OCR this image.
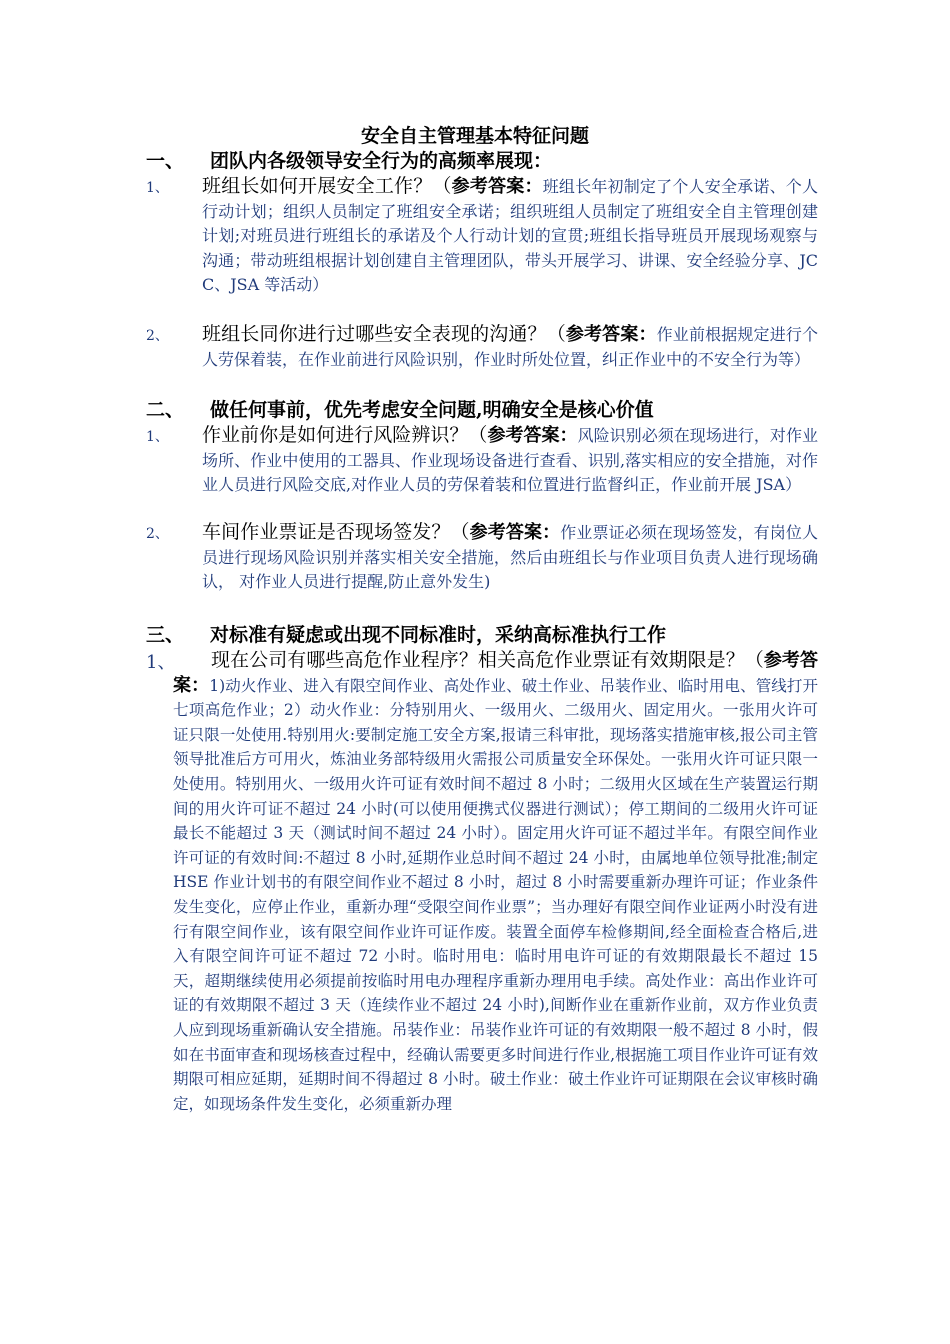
安全自主管理基本特征问题
一、 团队内各级领导安全行为的高频率展现：
1、 班组长如何开展安全工作？（参考答案：班组长年初制定了个人安全承诺、个人行动计划；组织人员制定了班组安全承诺；组织班组人员制定了班组安全自主管理创建计划;对班员进行班组长的承诺及个人行动计划的宣贯;班组长指导班员开展现场观察与沟通；带动班组根据计划创建自主管理团队，带头开展学习、讲课、安全经验分享、JCC、JSA 等活动）
2、 班组长同你进行过哪些安全表现的沟通？（参考答案：作业前根据规定进行个人劳保着装，在作业前进行风险识别，作业时所处位置，纠正作业中的不安全行为等）
二、 做任何事前，优先考虑安全问题,明确安全是核心价值
1、 作业前你是如何进行风险辨识？（参考答案：风险识别必须在现场进行，对作业场所、作业中使用的工器具、作业现场设备进行查看、识别,落实相应的安全措施，对作业人员进行风险交底,对作业人员的劳保着装和位置进行监督纠正，作业前开展 JSA）
2、 车间作业票证是否现场签发？（参考答案：作业票证必须在现场签发，有岗位人员进行现场风险识别并落实相关安全措施，然后由班组长与作业项目负责人进行现场确认， 对作业人员进行提醒,防止意外发生)
三、 对标准有疑虑或出现不同标准时，采纳高标准执行工作
1、	现在公司有哪些高危作业程序？相关高危作业票证有效期限是？（参考答案：1)动火作业、进入有限空间作业、高处作业、破土作业、吊装作业、临时用电、管线打开七项高危作业；2）动火作业：分特别用火、一级用火、二级用火、固定用火。一张用火许可证只限一处使用.特别用火:要制定施工安全方案,报请三科审批，现场落实措施审核,报公司主管领导批准后方可用火，炼油业务部特级用火需报公司质量安全环保处。一张用火许可证只限一处使用。特别用火、一级用火许可证有效时间不超过 8 小时；二级用火区域在生产装置运行期间的用火许可证不超过 24 小时(可以使用便携式仪器进行测试）；停工期间的二级用火许可证最长不能超过 3 天（测试时间不超过 24 小时）。固定用火许可证不超过半年。有限空间作业许可证的有效时间:不超过 8 小时,延期作业总时间不超过 24 小时，由属地单位领导批准;制定 HSE 作业计划书的有限空间作业不超过 8 小时，超过 8 小时需要重新办理许可证；作业条件发生变化，应停止作业，重新办理“受限空间作业票”；当办理好有限空间作业证两小时没有进行有限空间作业，该有限空间作业许可证作废。装置全面停车检修期间,经全面检查合格后,进入有限空间许可证不超过 72 小时。临时用电：临时用电许可证的有效期限最长不超过 15 天，超期继续使用必须提前按临时用电办理程序重新办理用电手续。高处作业：高出作业许可证的有效期限不超过 3 天（连续作业不超过 24 小时),间断作业在重新作业前，双方作业负责人应到现场重新确认安全措施。吊装作业：吊装作业许可证的有效期限一般不超过 8 小时，假如在书面审查和现场核查过程中，经确认需要更多时间进行作业,根据施工项目作业许可证有效期限可相应延期，延期时间不得超过 8 小时。破土作业：破土作业许可证期限在会议审核时确定，如现场条件发生变化，必须重新办理
